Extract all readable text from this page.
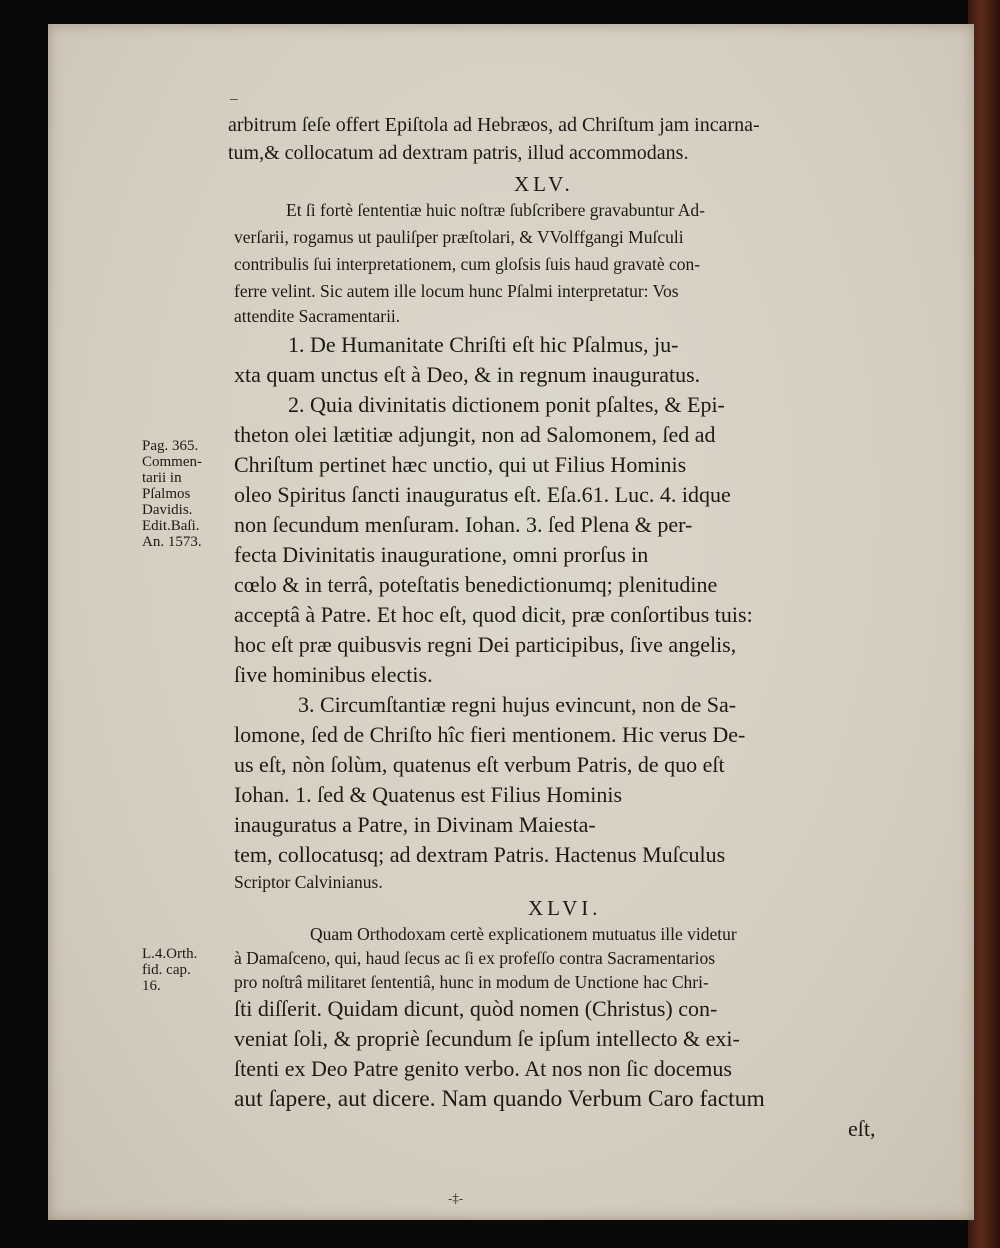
–
arbitrum ſeſe offert Epiſtola ad Hebræos, ad Chriſtum jam incarna-
tum,& collocatum ad dextram patris, illud accommodans.
XLV.
Et ſi fortè ſententiæ huic noſtræ ſubſcribere gravabuntur Ad-
verſarii, rogamus ut pauliſper præſtolari, & VVolffgangi Muſculi
contribulis ſui interpretationem, cum gloſsis ſuis haud gravatè con-
ferre velint. Sic autem ille locum hunc Pſalmi interpretatur: Vos
attendite Sacramentarii.
1. De Humanitate Chriſti eſt hic Pſalmus, ju-
xta quam unctus eſt à Deo, & in regnum inauguratus.
2. Quia divinitatis dictionem ponit pſaltes, & Epi-
theton olei lætitiæ adjungit, non ad Salomonem, ſed ad
Chriſtum pertinet hæc unctio, qui ut Filius Hominis
oleo Spiritus ſancti inauguratus eſt. Eſa.61. Luc. 4. idque
non ſecundum menſuram. Iohan. 3. ſed Plena & per-
fecta Divinitatis inauguratione, omni prorſus in
cœlo & in terrâ, poteſtatis benedictionumq; plenitudine
acceptâ à Patre. Et hoc eſt, quod dicit, præ conſortibus tuis:
hoc eſt præ quibusvis regni Dei participibus, ſive angelis,
ſive hominibus electis.
3. Circumſtantiæ regni hujus evincunt, non de Sa-
lomone, ſed de Chriſto hîc fieri mentionem. Hic verus De-
us eſt, nòn ſolùm, quatenus eſt verbum Patris, de quo eſt
Iohan. 1. ſed & Quatenus est Filius Hominis
inauguratus a Patre, in Divinam Maiesta-
tem, collocatusq; ad dextram Patris. Hactenus Muſculus
Scriptor Calvinianus.
XLVI.
Quam Orthodoxam certè explicationem mutuatus ille videtur
à Damaſceno, qui, haud ſecus ac ſi ex profeſſo contra Sacramentarios
pro noſtrâ militaret ſententiâ, hunc in modum de Unctione hac Chri-
ſti diſſerit. Quidam dicunt, quòd nomen (Christus) con-
veniat ſoli, & propriè ſecundum ſe ipſum intellecto & exi-
ſtenti ex Deo Patre genito verbo. At nos non ſic docemus
aut ſapere, aut dicere. Nam quando Verbum Caro factum
eſt,
Pag. 365.
Commen-
tarii in
Pſalmos
Davidis.
Edit.Baſi.
An. 1573.
L.4.Orth.
fid. cap.
16.
-‡-
